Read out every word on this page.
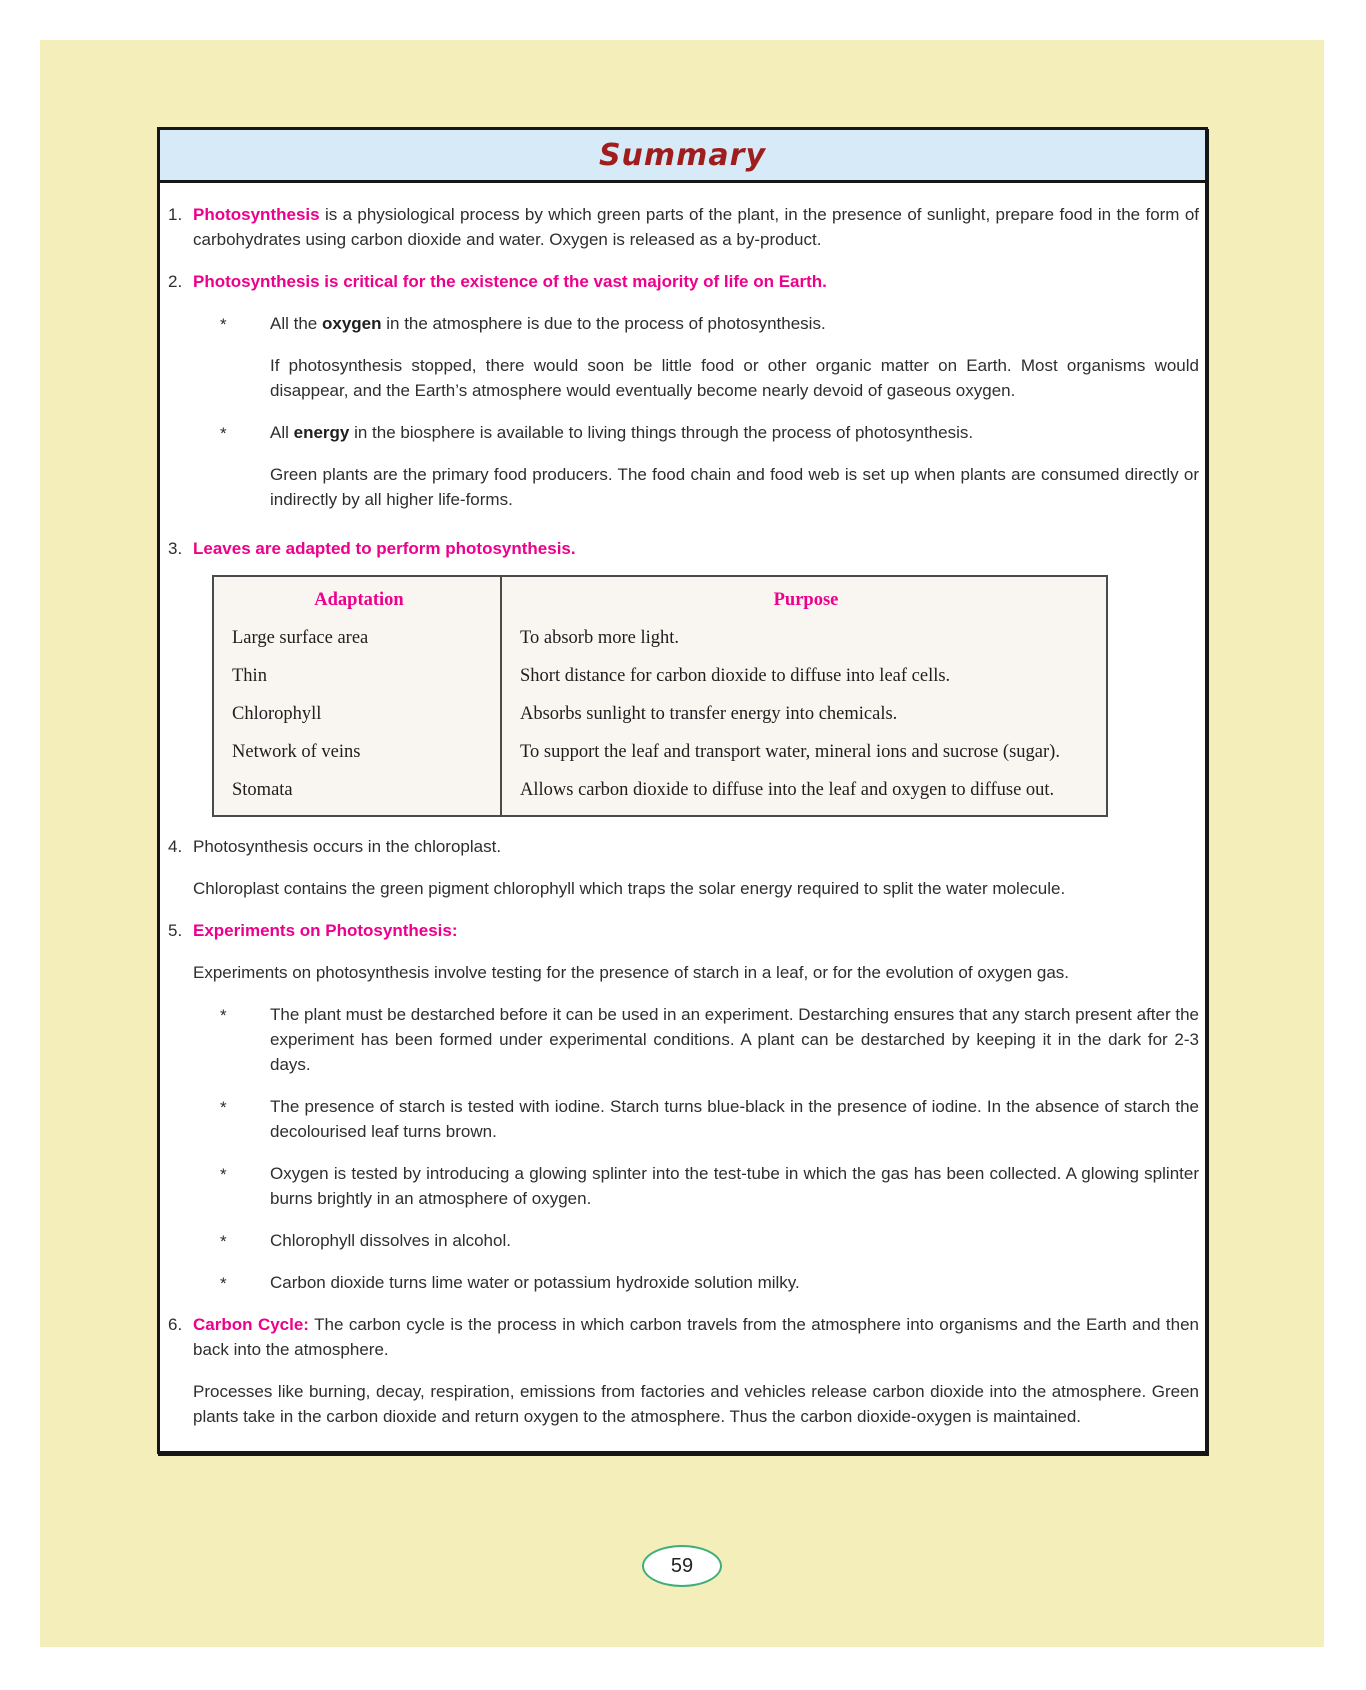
Summary
1. Photosynthesis is a physiological process by which green parts of the plant, in the presence of sunlight, prepare food in the form of carbohydrates using carbon dioxide and water. Oxygen is released as a by-product.
2. Photosynthesis is critical for the existence of the vast majority of life on Earth.
*	All the oxygen in the atmosphere is due to the process of photosynthesis.
If photosynthesis stopped, there would soon be little food or other organic matter on Earth. Most organisms would disappear, and the Earth’s atmosphere would eventually become nearly devoid of gaseous oxygen.
*	All energy in the biosphere is available to living things through the process of photosynthesis.
Green plants are the primary food producers. The food chain and food web is set up when plants are consumed directly or indirectly by all higher life-forms.
3. Leaves are adapted to perform photosynthesis.
Adaptation	Purpose
Large surface area	To absorb more light.
Thin	Short distance for carbon dioxide to diffuse into leaf cells.
Chlorophyll	Absorbs sunlight to transfer energy into chemicals.
Network of veins	To support the leaf and transport water, mineral ions and sucrose (sugar).
Stomata	Allows carbon dioxide to diffuse into the leaf and oxygen to diffuse out.
4. Photosynthesis occurs in the chloroplast.
Chloroplast contains the green pigment chlorophyll which traps the solar energy required to split the water molecule.
5. Experiments on Photosynthesis:
Experiments on photosynthesis involve testing for the presence of starch in a leaf, or for the evolution of oxygen gas.
*	The plant must be destarched before it can be used in an experiment. Destarching ensures that any starch present after the experiment has been formed under experimental conditions. A plant can be destarched by keeping it in the dark for 2-3 days.
*	The presence of starch is tested with iodine. Starch turns blue-black in the presence of iodine. In the absence of starch the decolourised leaf turns brown.
*	Oxygen is tested by introducing a glowing splinter into the test-tube in which the gas has been collected. A glowing splinter burns brightly in an atmosphere of oxygen.
*	Chlorophyll dissolves in alcohol.
*	Carbon dioxide turns lime water or potassium hydroxide solution milky.
6. Carbon Cycle: The carbon cycle is the process in which carbon travels from the atmosphere into organisms and the Earth and then back into the atmosphere.
Processes like burning, decay, respiration, emissions from factories and vehicles release carbon dioxide into the atmosphere. Green plants take in the carbon dioxide and return oxygen to the atmosphere. Thus the carbon dioxide-oxygen is maintained.
59
